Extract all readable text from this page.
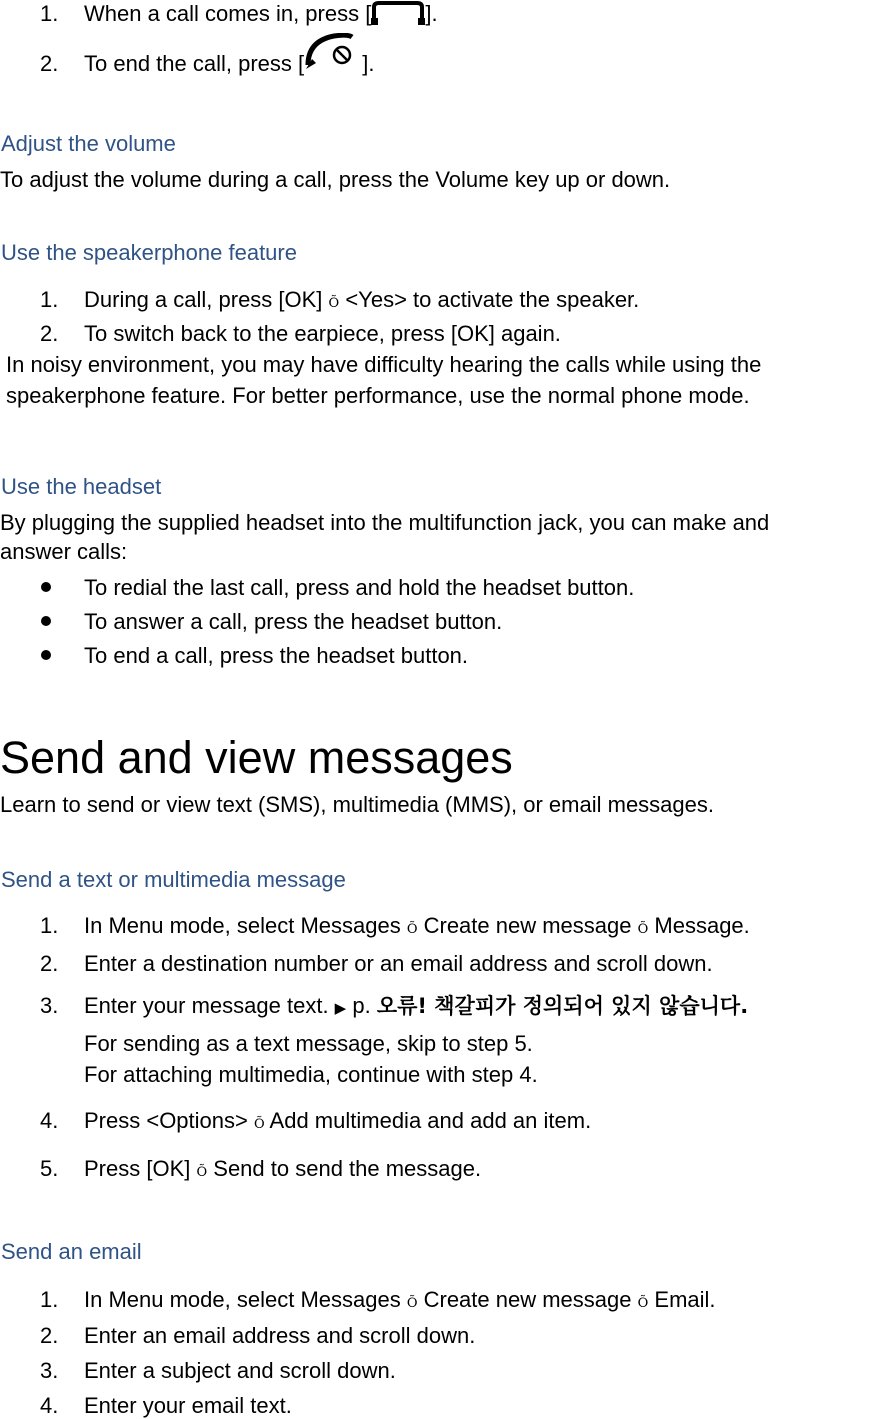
1. When a call comes in, press [ ].
2. To end the call, press [ ].
Adjust the volume
To adjust the volume during a call, press the Volume key up or down.
Use the speakerphone feature
1. During a call, press [OK] Õ <Yes> to activate the speaker.
2. To switch back to the earpiece, press [OK] again.
In noisy environment, you may have difficulty hearing the calls while using the
speakerphone feature. For better performance, use the normal phone mode.
Use the headset
By plugging the supplied headset into the multifunction jack, you can make and
answer calls:
To redial the last call, press and hold the headset button.
To answer a call, press the headset button.
To end a call, press the headset button.
Send and view messages
Learn to send or view text (SMS), multimedia (MMS), or email messages.
Send a text or multimedia message
1. In Menu mode, select Messages Õ Create new message Õ Message.
2. Enter a destination number or an email address and scroll down.
3. Enter your message text. ▶ p. 오류! 책갈피가 정의되어 있지 않습니다.
For sending as a text message, skip to step 5.
For attaching multimedia, continue with step 4.
4. Press <Options> Õ Add multimedia and add an item.
5. Press [OK] Õ Send to send the message.
Send an email
1. In Menu mode, select Messages Õ Create new message Õ Email.
2. Enter an email address and scroll down.
3. Enter a subject and scroll down.
4. Enter your email text.
